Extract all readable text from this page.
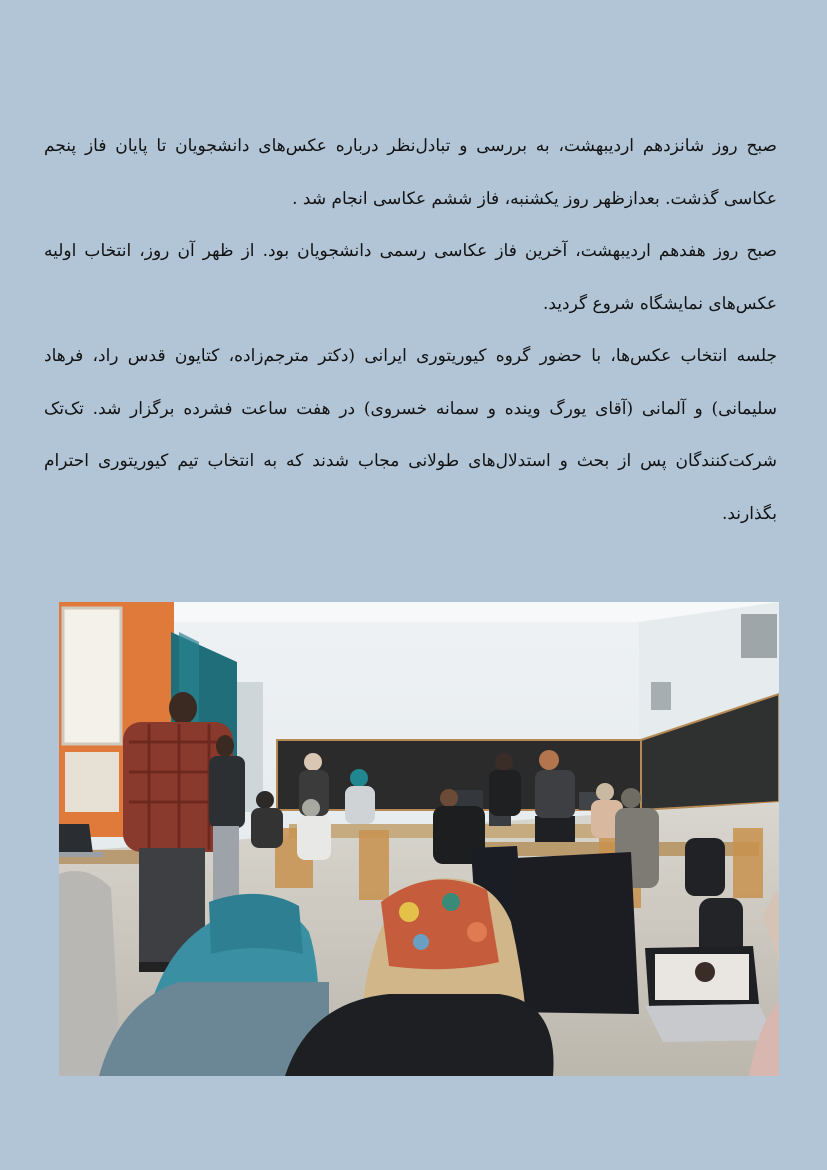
صبح روز شانزدهم اردیبهشت، به بررسی و تبادل‌نظر درباره عکس‌های دانشجویان تا پایان فاز پنجم عکاسی گذشت. بعدازظهر روز یکشنبه، فاز ششم عکاسی انجام شد .

صبح روز هفدهم اردیبهشت، آخرین فاز عکاسی رسمی دانشجویان بود. از ظهر آن روز، انتخاب اولیه عکس‌های نمایشگاه شروع گردید.

جلسه انتخاب عکس‌ها، با حضور گروه کیوریتوری ایرانی (دکتر مترجم‌زاده، کتایون قدس راد، فرهاد سلیمانی) و آلمانی (آقای یورگ وینده و سمانه خسروی) در هفت ساعت فشرده برگزار شد. تک‌تک شرکت‌کنندگان پس از بحث و استدلال‌های طولانی مجاب شدند که به انتخاب تیم کیوریتوری احترام بگذارند.
